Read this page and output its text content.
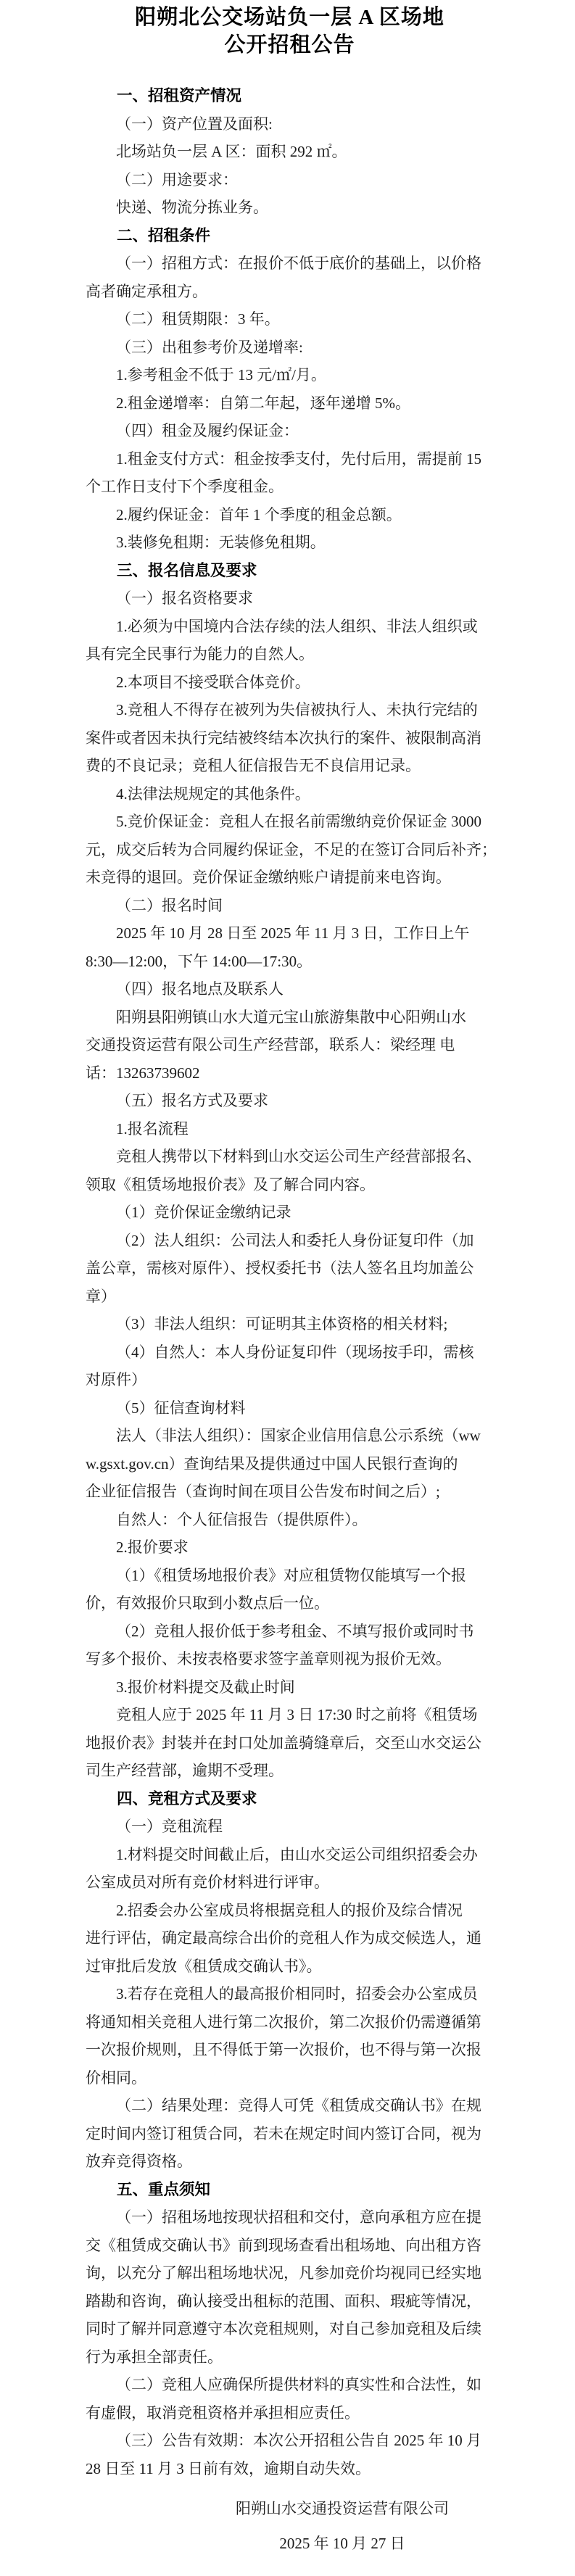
阳朔北公交场站负一层 A 区场地
公开招租公告

一、招租资产情况

（一）资产位置及面积:

北场站负一层 A 区：面积 292 ㎡。

（二）用途要求：

快递、物流分拣业务。

二、招租条件

（一）招租方式：在报价不低于底价的基础上，以价格

高者确定承租方。

（二）租赁期限：3 年。

（三）出租参考价及递增率:

1.参考租金不低于 13 元/㎡/月。

2.租金递增率：自第二年起，逐年递增 5%。

（四）租金及履约保证金：

1.租金支付方式：租金按季支付，先付后用，需提前 15

个工作日支付下个季度租金。

2.履约保证金：首年 1 个季度的租金总额。

3.装修免租期：无装修免租期。

三、报名信息及要求

（一）报名资格要求

1.必须为中国境内合法存续的法人组织、非法人组织或

具有完全民事行为能力的自然人。

2.本项目不接受联合体竞价。

3.竞租人不得存在被列为失信被执行人、未执行完结的

案件或者因未执行完结被终结本次执行的案件、被限制高消

费的不良记录；竞租人征信报告无不良信用记录。

4.法律法规规定的其他条件。

5.竞价保证金：竞租人在报名前需缴纳竞价保证金 3000

元，成交后转为合同履约保证金，不足的在签订合同后补齐；

未竞得的退回。竞价保证金缴纳账户请提前来电咨询。

（二）报名时间

2025 年 10 月 28 日至 2025 年 11 月 3 日，工作日上午

8:30—12:00，下午 14:00—17:30。

（四）报名地点及联系人

阳朔县阳朔镇山水大道元宝山旅游集散中心阳朔山水

交通投资运营有限公司生产经营部，联系人：梁经理 电

话：13263739602

（五）报名方式及要求

1.报名流程

竞租人携带以下材料到山水交运公司生产经营部报名、

领取《租赁场地报价表》及了解合同内容。

（1）竞价保证金缴纳记录

（2）法人组织：公司法人和委托人身份证复印件（加

盖公章，需核对原件）、授权委托书（法人签名且均加盖公

章）

（3）非法人组织：可证明其主体资格的相关材料;

（4）自然人：本人身份证复印件（现场按手印，需核

对原件）

（5）征信查询材料

法人（非法人组织）：国家企业信用信息公示系统（ww

w.gsxt.gov.cn）查询结果及提供通过中国人民银行查询的

企业征信报告（查询时间在项目公告发布时间之后）;

自然人：个人征信报告（提供原件）。

2.报价要求

（1）《租赁场地报价表》对应租赁物仅能填写一个报

价，有效报价只取到小数点后一位。

（2）竞租人报价低于参考租金、不填写报价或同时书

写多个报价、未按表格要求签字盖章则视为报价无效。

3.报价材料提交及截止时间

竞租人应于 2025 年 11 月 3 日 17:30 时之前将《租赁场

地报价表》封装并在封口处加盖骑缝章后，交至山水交运公

司生产经营部，逾期不受理。

四、竞租方式及要求

（一）竞租流程

1.材料提交时间截止后，由山水交运公司组织招委会办

公室成员对所有竞价材料进行评审。

2.招委会办公室成员将根据竞租人的报价及综合情况

进行评估，确定最高综合出价的竞租人作为成交候选人，通

过审批后发放《租赁成交确认书》。

3.若存在竞租人的最高报价相同时，招委会办公室成员

将通知相关竞租人进行第二次报价，第二次报价仍需遵循第

一次报价规则，且不得低于第一次报价，也不得与第一次报

价相同。

（二）结果处理：竞得人可凭《租赁成交确认书》在规

定时间内签订租赁合同，若未在规定时间内签订合同，视为

放弃竞得资格。

五、重点须知

（一）招租场地按现状招租和交付，意向承租方应在提

交《租赁成交确认书》前到现场查看出租场地、向出租方咨

询，以充分了解出租场地状况，凡参加竞价均视同已经实地

踏勘和咨询，确认接受出租标的范围、面积、瑕疵等情况，

同时了解并同意遵守本次竞租规则，对自己参加竞租及后续

行为承担全部责任。

（二）竞租人应确保所提供材料的真实性和合法性，如

有虚假，取消竞租资格并承担相应责任。

（三）公告有效期：本次公开招租公告自 2025 年 10 月

28 日至 11 月 3 日前有效，逾期自动失效。

阳朔山水交通投资运营有限公司

2025 年 10 月 27 日
